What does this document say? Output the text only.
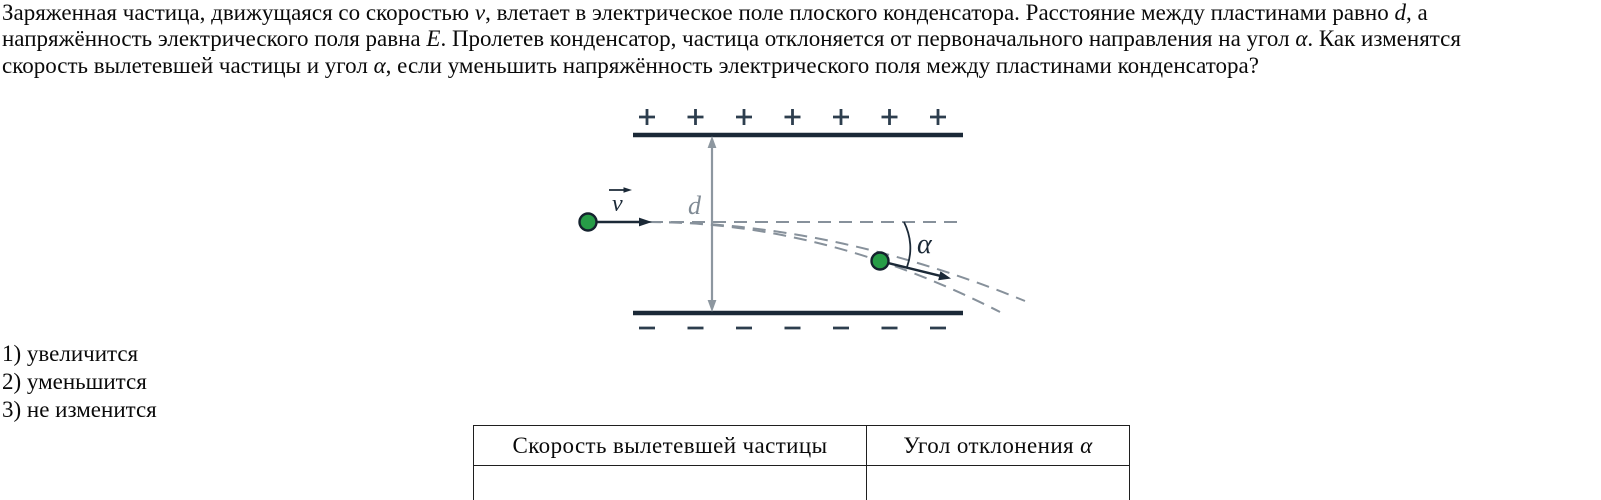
Заряженная частица, движущаяся со скоростью v, влетает в электрическое поле плоского конденсатора. Расстояние между пластинами равно d, а
напряжённость электрического поля равна E. Пролетев конденсатор, частица отклоняется от первоначального направления на угол α. Как изменятся
скорость вылетевшей частицы и угол α, если уменьшить напряжённость электрического поля между пластинами конденсатора?
d
v
α
1) увеличится
2) уменьшится
3) не изменится
Скорость вылетевшей частицы	Угол отклонения α
